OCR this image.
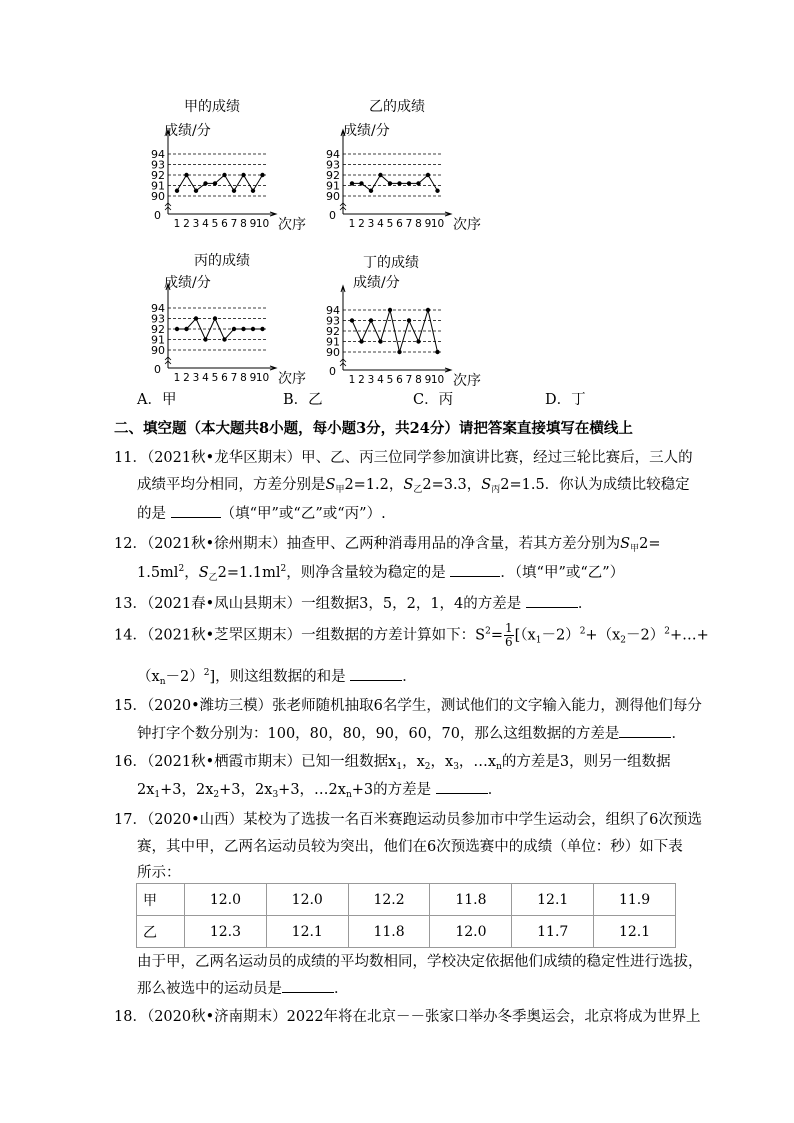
甲的成绩
成绩/分
94
93
92
91
90
0
1 2 3 4 5 6 7 8 9 10 次序
乙的成绩
成绩/分
94
93
92
91
90
0
1 2 3 4 5 6 7 8 9 10 次序
丙的成绩
成绩/分
94
93
92
91
90
0
1 2 3 4 5 6 7 8 9 10 次序
丁的成绩
成绩/分
94
93
92
91
90
0
1 2 3 4 5 6 7 8 9 10 次序
A．甲	B．乙	C．丙	D．丁
二、填空题（本大题共8小题，每小题3分，共24分）请把答案直接填写在横线上
11．（2021秋•龙华区期末）甲、乙、丙三位同学参加演讲比赛，经过三轮比赛后，三人的
成绩平均分相同，方差分别是$S_甲2=1.2$，$S_乙2=3.3$，$S_丙2=1.5$．你认为成绩比较稳定
的是	（填“甲”或“乙”或“丙”）.
12．（2021秋•徐州期末）抽查甲、乙两种消毒用品的净含量，若其方差分别为$S_甲2=$
$1.5ml^2$，$S_乙2=1.1ml^2$，则净含量较为稳定的是	．（填“甲”或“乙”）
13．（2021春•凤山县期末）一组数据3，5，2，1，4的方差是	．
14．（2021秋•芝罘区期末）一组数据的方差计算如下：$S^2= \frac{1}{6}$ [$(x_1-2)^2+(x_2-2)^2+\dots+$
$(x_n-2)^2$]，则这组数据的和是	．
15．（2020•潍坊三模）张老师随机抽取6名学生，测试他们的文字输入能力，测得他们每分
钟打字个数分别为：100，80，80，90，60，70，那么这组数据的方差是	．
16．（2021秋•栖霞市期末）已知一组数据$x_1$，$x_2$，$x_3$，$\dots x_n$的方差是3，则另一组数据
$2x_1+3$，$2x_2+3$，$2x_3+3$，$\dots 2x_n+3$的方差是	．
17．（2020•山西）某校为了选拔一名百米赛跑运动员参加市中学生运动会，组织了6次预选
赛，其中甲，乙两名运动员较为突出，他们在6次预选赛中的成绩（单位：秒）如下表
所示：
甲	12.0	12.0	12.2	11.8	12.1	11.9
乙	12.3	12.1	11.8	12.0	11.7	12.1
由于甲，乙两名运动员的成绩的平均数相同，学校决定依据他们成绩的稳定性进行选拔，
那么被选中的运动员是	．
18．（2020秋•济南期末）2022年将在北京－－张家口举办冬季奥运会，北京将成为世界上
